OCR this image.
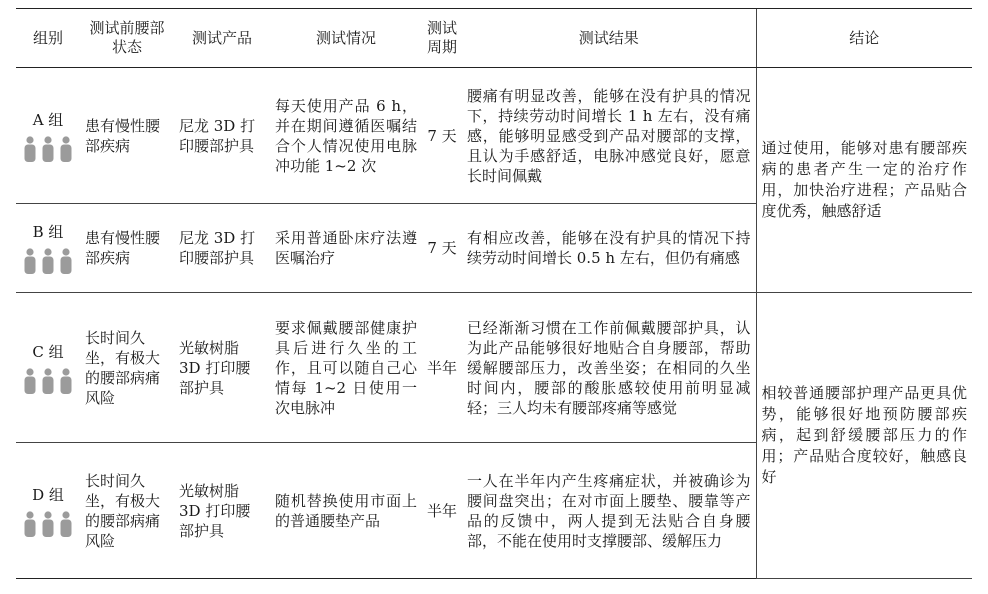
组别	测试前腰部状态	测试产品	测试情况	测试周期	测试结果	结论

A 组	患有慢性腰部疾病	尼龙 3D 打印腰部护具	每天使用产品 6 h，并在期间遵循医嘱结合个人情况使用电脉冲功能 1~2 次	7 天	腰痛有明显改善，能够在没有护具的情况下，持续劳动时间增长 1 h 左右，没有痛感，能够明显感受到产品对腰部的支撑，且认为手感舒适，电脉冲感觉良好，愿意长时间佩戴	通过使用，能够对患有腰部疾病的患者产生一定的治疗作用，加快治疗进程；产品贴合度优秀，触感舒适

B 组	患有慢性腰部疾病	尼龙 3D 打印腰部护具	采用普通卧床疗法遵医嘱治疗	7 天	有相应改善，能够在没有护具的情况下持续劳动时间增长 0.5 h 左右，但仍有痛感	

C 组	长时间久坐，有极大的腰部病痛风险	光敏树脂 3D 打印腰部护具	要求佩戴腰部健康护具后进行久坐的工作，且可以随自己心情每 1~2 日使用一次电脉冲	半年	已经渐渐习惯在工作前佩戴腰部护具，认为此产品能够很好地贴合自身腰部，帮助缓解腰部压力，改善坐姿；在相同的久坐时间内，腰部的酸胀感较使用前明显减轻；三人均未有腰部疼痛等感觉	相较普通腰部护理产品更具优势，能够很好地预防腰部疾病，起到舒缓腰部压力的作用；产品贴合度较好，触感良好

D 组	长时间久坐，有极大的腰部病痛风险	光敏树脂 3D 打印腰部护具	随机替换使用市面上的普通腰垫产品	半年	一人在半年内产生疼痛症状，并被确诊为腰间盘突出；在对市面上腰垫、腰靠等产品的反馈中，两人提到无法贴合自身腰部，不能在使用时支撑腰部、缓解压力	
